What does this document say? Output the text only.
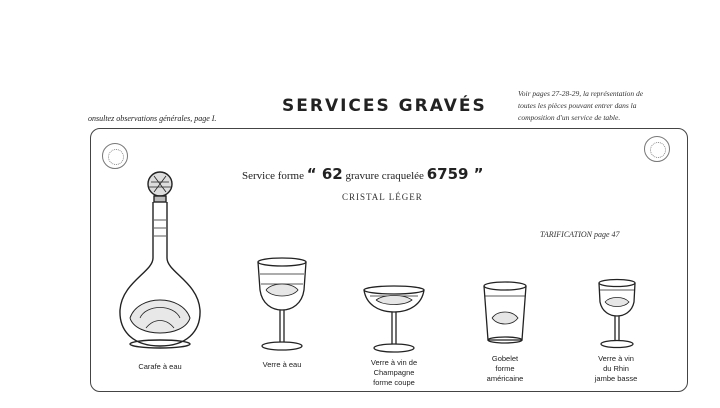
onsultez observations générales, page I.
SERVICES GRAVÉS
Voir pages 27-28-29, la représentation de
toutes les pièces pouvant entrer dans la
composition d'un service de table.
Service forme “ 62 gravure craquelée 6759 ”
CRISTAL LÉGER
TARIFICATION page 47
Carafe à eau	Verre à eau	Verre à vin de
Champagne
forme coupe
Gobelet
forme
américaine
Verre à vin
du Rhin
jambe basse
